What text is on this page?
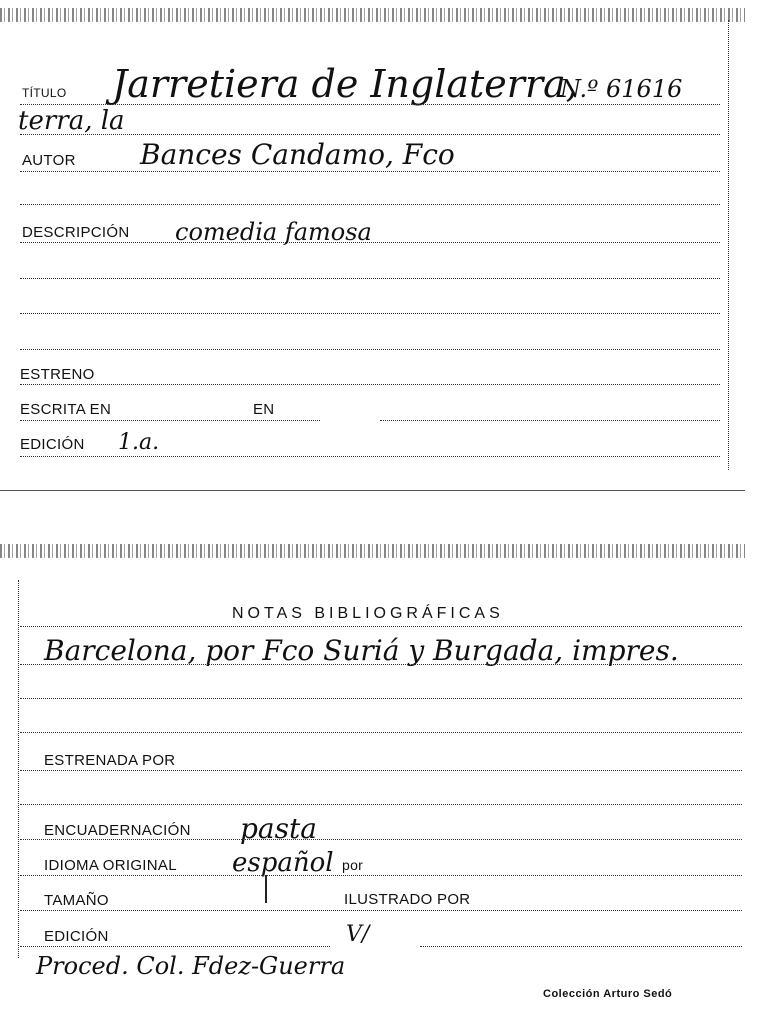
TÍTULO Jarretiera de Inglaterra,
N.º 61616
terra, la
AUTOR Bances Candamo, Fco
DESCRIPCIÓN comedia famosa
ESTRENO
ESCRITA EN	EN
EDICIÓN 1.a.
NOTAS BIBLIOGRÁFICAS
Barcelona, por Fco Suriá y Burgada, impres.
ESTRENADA POR
ENCUADERNACIÓN pasta
IDIOMA ORIGINAL español por
TAMAÑO	ILUSTRADO POR
EDICIÓN	V/
Proced. Col. Fdez-Guerra
Colección Arturo Sedó
